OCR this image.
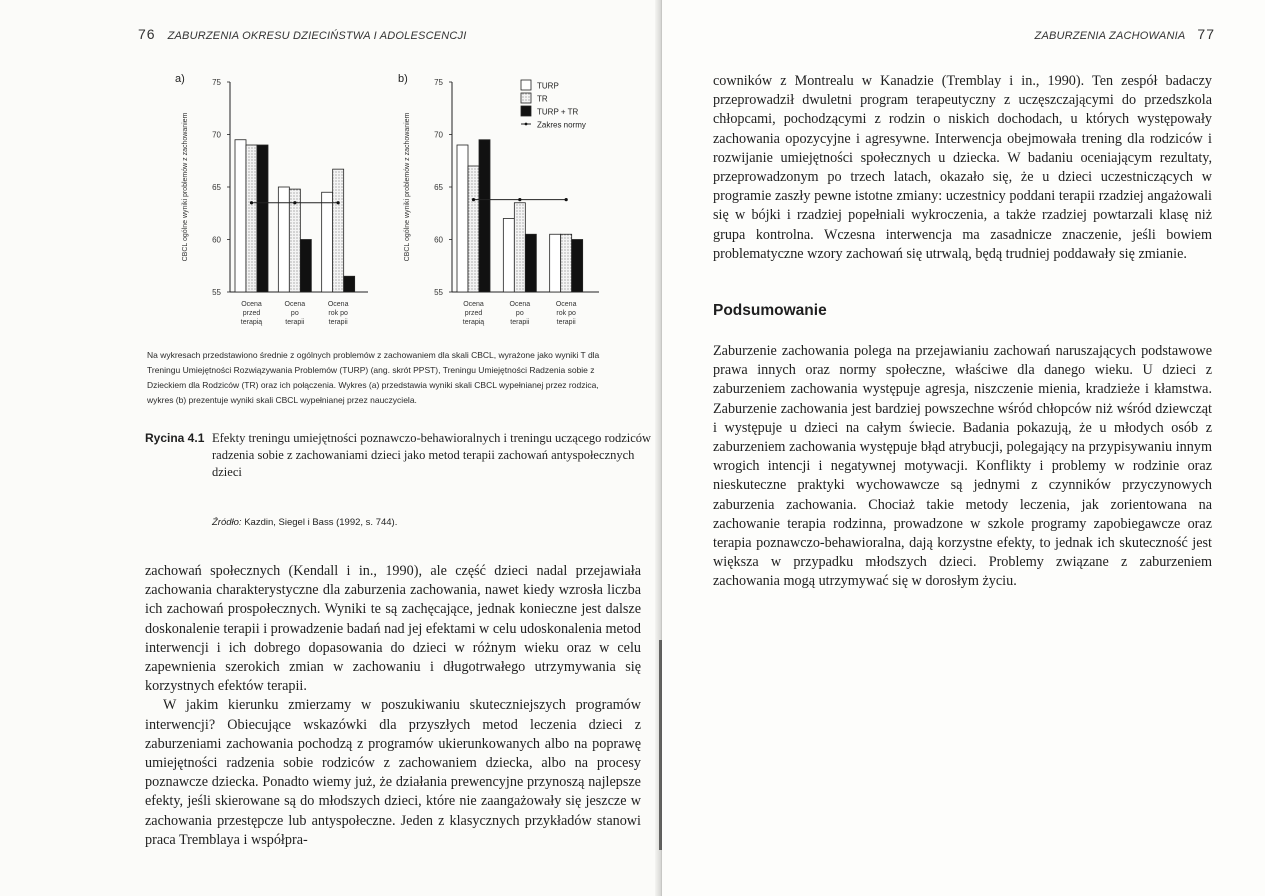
76 ZABURZENIA OKRESU DZIECIŃSTWA I ADOLESCENCJI
a)
55
60
65
70
75
CBCL ogólne wyniki problemów z zachowaniem
Ocena
przed
terapią
Ocena
po
terapii
Ocena
rok po
terapii
b)
55
60
65
70
75
CBCL ogólne wyniki problemów z zachowaniem
Ocena
przed
terapią
Ocena
po
terapii
Ocena
rok po
terapii
TURP
TR
TURP + TR
Zakres normy
Na wykresach przedstawiono średnie z ogólnych problemów z zachowaniem dla skali CBCL, wyrażone jako wyniki T dla Treningu Umiejętności Rozwiązywania Problemów (TURP) (ang. skrót PPST), Treningu Umiejętności Radzenia sobie z Dzieckiem dla Rodziców (TR) oraz ich połączenia. Wykres (a) przedstawia wyniki skali CBCL wypełnianej przez rodzica, wykres (b) prezentuje wyniki skali CBCL wypełnianej przez nauczyciela.
Rycina 4.1 Efekty treningu umiejętności poznawczo-behawioralnych i treningu uczącego rodziców radzenia sobie z zachowaniami dzieci jako metod terapii zachowań antyspołecznych dzieci
Źródło: Kazdin, Siegel i Bass (1992, s. 744).

zachowań społecznych (Kendall i in., 1990), ale część dzieci nadal przejawiała zachowania charakterystyczne dla zaburzenia zachowania, nawet kiedy wzrosła liczba ich zachowań prospołecznych. Wyniki te są zachęcające, jednak konieczne jest dalsze doskonalenie terapii i prowadzenie badań nad jej efektami w celu udoskonalenia metod interwencji i ich dobrego dopasowania do dzieci w różnym wieku oraz w celu zapewnienia szerokich zmian w zachowaniu i długotrwałego utrzymywania się korzystnych efektów terapii.

W jakim kierunku zmierzamy w poszukiwaniu skuteczniejszych programów interwencji? Obiecujące wskazówki dla przyszłych metod leczenia dzieci z zaburzeniami zachowania pochodzą z programów ukierunkowanych albo na poprawę umiejętności radzenia sobie rodziców z zachowaniem dziecka, albo na procesy poznawcze dziecka. Ponadto wiemy już, że działania prewencyjne przynoszą najlepsze efekty, jeśli skierowane są do młodszych dzieci, które nie zaangażowały się jeszcze w zachowania przestępcze lub antyspołeczne. Jeden z klasycznych przykładów stanowi praca Tremblaya i współpra-

ZABURZENIA ZACHOWANIA 77

cowników z Montrealu w Kanadzie (Tremblay i in., 1990). Ten zespół badaczy przeprowadził dwuletni program terapeutyczny z uczęszczającymi do przedszkola chłopcami, pochodzącymi z rodzin o niskich dochodach, u których występowały zachowania opozycyjne i agresywne. Interwencja obejmowała trening dla rodziców i rozwijanie umiejętności społecznych u dziecka. W badaniu oceniającym rezultaty, przeprowadzonym po trzech latach, okazało się, że u dzieci uczestniczących w programie zaszły pewne istotne zmiany: uczestnicy poddani terapii rzadziej angażowali się w bójki i rzadziej popełniali wykroczenia, a także rzadziej powtarzali klasę niż grupa kontrolna. Wczesna interwencja ma zasadnicze znaczenie, jeśli bowiem problematyczne wzory zachowań się utrwalą, będą trudniej poddawały się zmianie.

Podsumowanie

Zaburzenie zachowania polega na przejawianiu zachowań naruszających podstawowe prawa innych oraz normy społeczne, właściwe dla danego wieku. U dzieci z zaburzeniem zachowania występuje agresja, niszczenie mienia, kradzieże i kłamstwa. Zaburzenie zachowania jest bardziej powszechne wśród chłopców niż wśród dziewcząt i występuje u dzieci na całym świecie. Badania pokazują, że u młodych osób z zaburzeniem zachowania występuje błąd atrybucji, polegający na przypisywaniu innym wrogich intencji i negatywnej motywacji. Konflikty i problemy w rodzinie oraz nieskuteczne praktyki wychowawcze są jednymi z czynników przyczynowych zaburzenia zachowania. Chociaż takie metody leczenia, jak zorientowana na zachowanie terapia rodzinna, prowadzone w szkole programy zapobiegawcze oraz terapia poznawczo-behawioralna, dają korzystne efekty, to jednak ich skuteczność jest większa w przypadku młodszych dzieci. Problemy związane z zaburzeniem zachowania mogą utrzymywać się w dorosłym życiu.
